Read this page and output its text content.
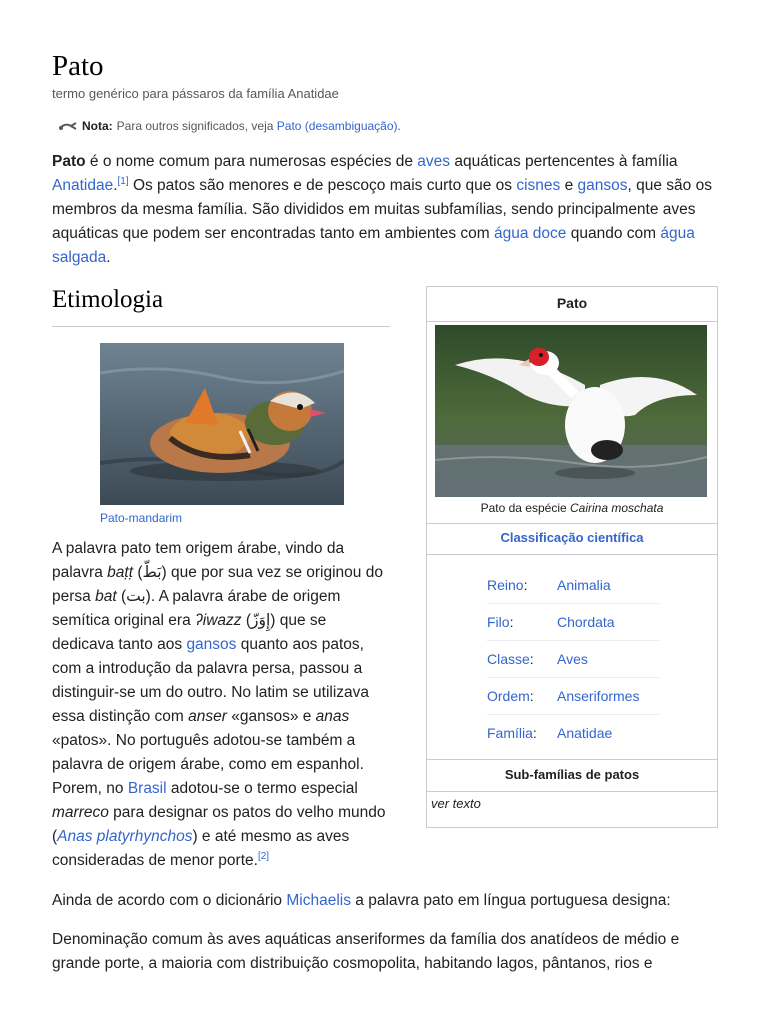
Pato
termo genérico para pássaros da família Anatidae
Nota: Para outros significados, veja
Pato (desambiguação) .

Pato é o nome comum para numerosas espécies de aves aquáticas pertencentes à família Anatidae.[1] Os patos são menores e de pescoço mais curto que os cisnes e gansos, que são os membros da mesma família. São divididos em muitas subfamílias, sendo principalmente aves aquáticas que podem ser encontradas tanto em ambientes com água doce quando com água salgada.

Etimologia
Pato-mandarim

A palavra pato tem origem árabe, vindo da palavra baṭṭ (بَطّ) que por sua vez se originou do persa bat (بت). A palavra árabe de origem semítica original era ʔiwazz (إِوَزّ) que se dedicava tanto aos gansos quanto aos patos, com a introdução da palavra persa, passou a distinguir-se um do outro. No latim se utilizava essa distinção com anser «gansos» e anas «patos». No português adotou-se também a palavra de origem árabe, como em espanhol. Porem, no Brasil adotou-se o termo especial marreco para designar os patos do velho mundo (Anas platyrhynchos) e até mesmo as aves consideradas de menor porte.[2]

Ainda de acordo com o dicionário Michaelis a palavra pato em língua portuguesa designa:

Denominação comum às aves aquáticas anseriformes da família dos anatídeos de médio e grande porte, a maioria com distribuição cosmopolita, habitando lagos, pântanos, rios e

Pato
Pato da espécie Cairina moschata
Classificação científica
Reino:	Animalia
Filo:	Chordata
Classe:	Aves
Ordem:	Anseriformes
Família:	Anatidae
Sub-famílias de patos
ver texto
